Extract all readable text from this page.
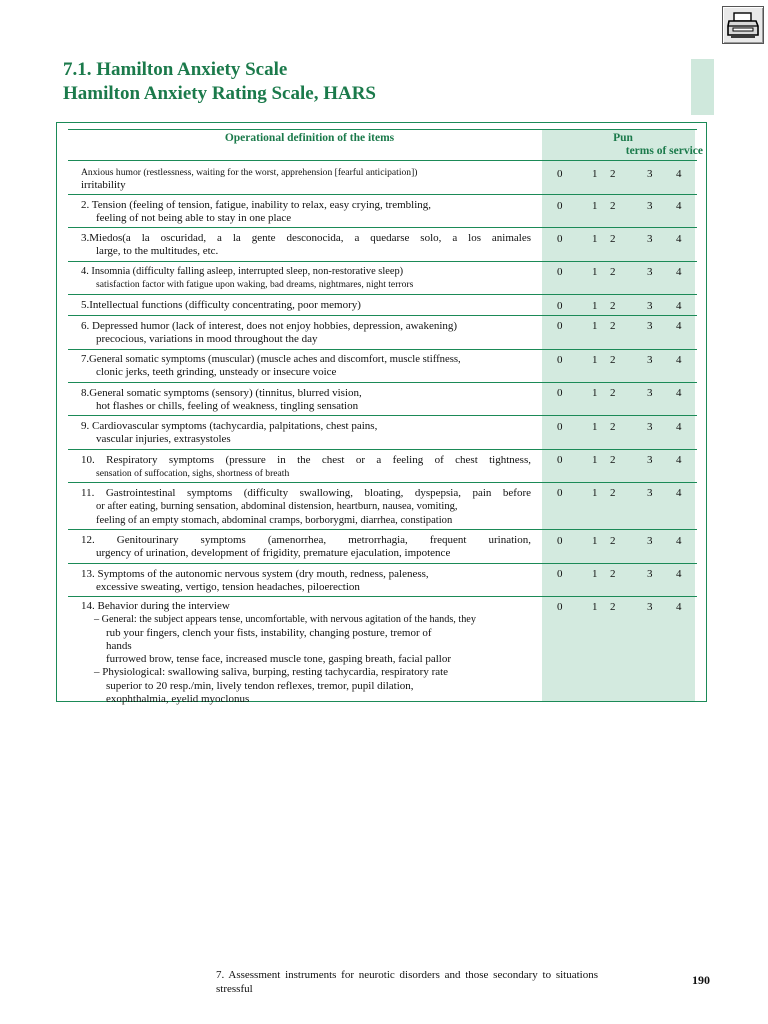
7.1. Hamilton Anxiety Scale
Hamilton Anxiety Rating Scale, HARS
Operational definition of the items	Pun
terms of service
Anxious humor (restlessness, waiting for the worst, apprehension [fearful anticipation])
irritability
0	1 2	3 4
2. Tension (feeling of tension, fatigue, inability to relax, easy crying, trembling,
feeling of not being able to stay in one place
0	1 2	3 4
3.Miedos(a la oscuridad, a la gente desconocida, a quedarse solo, a los animales
large, to the multitudes, etc.
0	1 2	3 4
4. Insomnia (difficulty falling asleep, interrupted sleep, non-restorative sleep)
satisfaction factor with fatigue upon waking, bad dreams, nightmares, night terrors
0	1 2	3 4
5.Intellectual functions (difficulty concentrating, poor memory)	0	1 2	3 4
6. Depressed humor (lack of interest, does not enjoy hobbies, depression, awakening)
precocious, variations in mood throughout the day
0	1 2	3 4
7.General somatic symptoms (muscular) (muscle aches and discomfort, muscle stiffness,
clonic jerks, teeth grinding, unsteady or insecure voice
0	1 2	3 4
8.General somatic symptoms (sensory) (tinnitus, blurred vision,
hot flashes or chills, feeling of weakness, tingling sensation
0	1 2	3 4
9. Cardiovascular symptoms (tachycardia, palpitations, chest pains,
vascular injuries, extrasystoles
0	1 2	3 4
10. Respiratory symptoms (pressure in the chest or a feeling of chest tightness,
sensation of suffocation, sighs, shortness of breath
0	1 2	3 4
11. Gastrointestinal symptoms (difficulty swallowing, bloating, dyspepsia, pain before
or after eating, burning sensation, abdominal distension, heartburn, nausea, vomiting,
feeling of an empty stomach, abdominal cramps, borborygmi, diarrhea, constipation
0	1 2	3 4
12. Genitourinary symptoms (amenorrhea, metrorrhagia, frequent urination,
urgency of urination, development of frigidity, premature ejaculation, impotence
0	1 2	3 4
13. Symptoms of the autonomic nervous system (dry mouth, redness, paleness,
excessive sweating, vertigo, tension headaches, piloerection
0	1 2	3 4
14. Behavior during the interview
– General: the subject appears tense, uncomfortable, with nervous agitation of the hands, they
rub your fingers, clench your fists, instability, changing posture, tremor of
hands
furrowed brow, tense face, increased muscle tone, gasping breath, facial pallor
– Physiological: swallowing saliva, burping, resting tachycardia, respiratory rate
superior to 20 resp./min, lively tendon reflexes, tremor, pupil dilation,
exophthalmia, eyelid myoclonus
0	1 2	3 4
7. Assessment instruments for neurotic disorders and those secondary to situations
stressful
190
